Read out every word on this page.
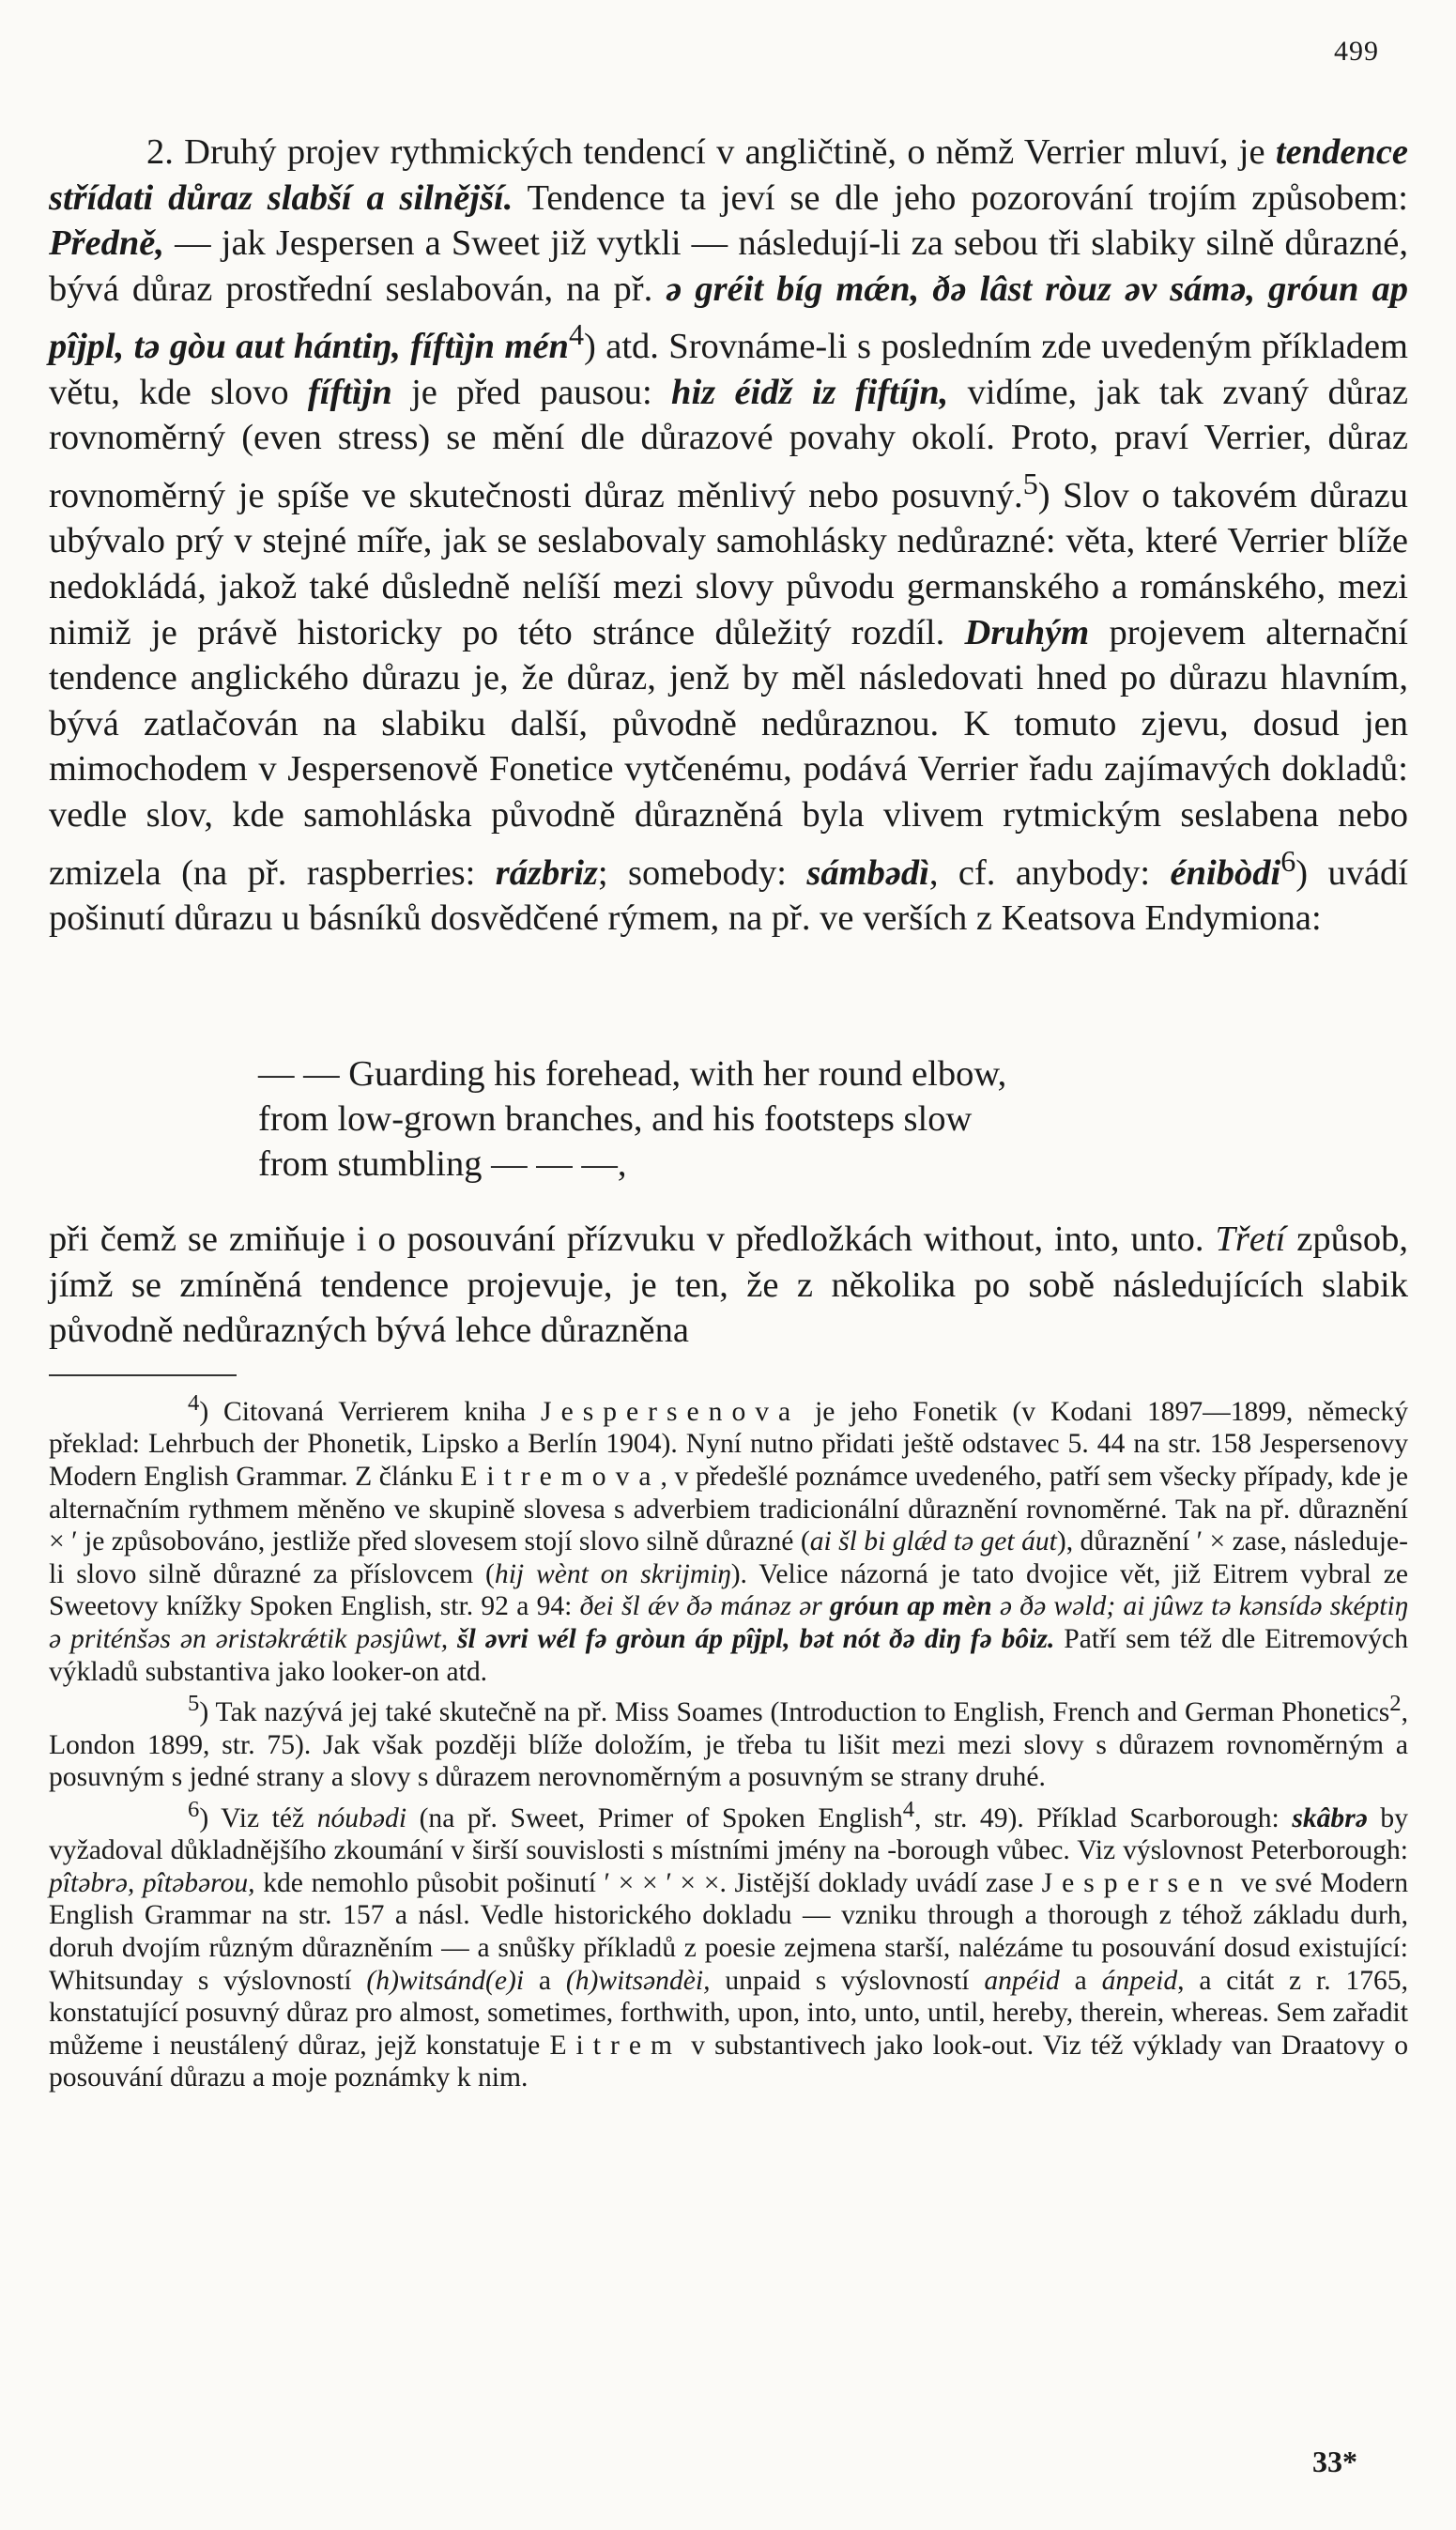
499

2. Druhý projev rythmických tendencí v angličtině, o němž Verrier mluví, je tendence střídati důraz slabší a silnější. Tendence ta jeví se dle jeho pozorování trojím způsobem: Předně, — jak Jespersen a Sweet již vytkli — následují-li za sebou tři slabiky silně důrazné, bývá důraz prostřední seslabován, na př. ə gréit bíg mǽn, ðə lâst ròuz əv sámə, gróun ap pîjpl, tə gòu aut hántiŋ, fíftìjn mén$^4$) atd. Srovnáme-li s posledním zde uvedeným příkladem větu, kde slovo fíftìjn je před pausou: hiz éidž iz fiftíjn, vidíme, jak tak zvaný důraz rovnoměrný (even stress) se mění dle důrazové povahy okolí. Proto, praví Verrier, důraz rovnoměrný je spíše ve skutečnosti důraz měnlivý nebo posuvný.$^5$) Slov o takovém důrazu ubývalo prý v stejné míře, jak se seslabovaly samohlásky nedůrazné: věta, které Verrier blíže nedokládá, jakož také důsledně nelíší mezi slovy původu germanského a románského, mezi nimiž je právě historicky po této stránce důležitý rozdíl. Druhým projevem alternační tendence anglického důrazu je, že důraz, jenž by měl následovati hned po důrazu hlavním, bývá zatlačován na slabiku další, původně nedůraznou. K tomuto zjevu, dosud jen mimochodem v Jespersenově Fonetice vytčenému, podává Verrier řadu zajímavých dokladů: vedle slov, kde samohláska původně důrazněná byla vlivem rytmickým seslabena nebo zmizela (na př. raspberries: rázbriz; somebody: sámbədì, cf. anybody: énibòdi$^6$) uvádí pošinutí důrazu u básníků dosvědčené rýmem, na př. ve verších z Keatsova Endymiona:

— — Guarding his forehead, with her round elbow,
from low-grown branches, and his footsteps slow
from stumbling — — —,
při čemž se zmiňuje i o posouvání přízvuku v předložkách without, into, unto. Třetí způsob, jímž se zmíněná tendence projevuje, je ten, že z několika po sobě následujících slabik původně nedůrazných bývá lehce důrazněna

$^4$) Citovaná Verrierem kniha Jespersenova je jeho Fonetik (v Kodani 1897—1899, německý překlad: Lehrbuch der Phonetik, Lipsko a Berlín 1904). Nyní nutno přidati ještě odstavec 5. 44 na str. 158 Jespersenovy Modern English Grammar. Z článku Eitremova, v předešlé poznámce uvedeného, patří sem všecky případy, kde je alternačním rythmem měněno ve skupině slovesa s adverbiem tradicionální důraznění rovnoměrné. Tak na př. důraznění × ʹ je způsobováno, jestliže před slovesem stojí slovo silně důrazné (ai šl bi glǽd tə get áut), důraznění ʹ × zase, následuje-li slovo silně důrazné za příslovcem (hij wènt on skrijmiŋ). Velice názorná je tato dvojice vět, již Eitrem vybral ze Sweetovy knížky Spoken English, str. 92 a 94: ðei šl ǽv ðə mánəz ər gróun ap mèn ə ðə wəld; ai jûwz tə kənsídə sképtiŋ ə priténšəs ən əristəkrǽtik pəsjûwt, šl əvri wél fə gròun áp pîjpl, bət nót ðə diŋ fə bôiz. Patří sem též dle Eitremových výkladů substantiva jako looker-on atd.

$^5$) Tak nazývá jej také skutečně na př. Miss Soames (Introduction to English, French and German Phonetics$^2$, London 1899, str. 75). Jak však později blíže doložím, je třeba tu lišit mezi mezi slovy s důrazem rovnoměrným a posuvným s jedné strany a slovy s důrazem nerovnoměrným a posuvným se strany druhé.

$^6$) Viz též nóubədi (na př. Sweet, Primer of Spoken English$^4$, str. 49). Příklad Scarborough: skâbrə by vyžadoval důkladnějšího zkoumání v širší souvislosti s místními jmény na -borough vůbec. Viz výslovnost Peterborough: pîtəbrə, pîtəbərou, kde nemohlo působit pošinutí ʹ × × ʹ × ×. Jistější doklady uvádí zase Jespersen ve své Modern English Grammar na str. 157 a násl. Vedle historického dokladu — vzniku through a thorough z téhož základu durh, doruh dvojím různým důrazněním — a snůšky příkladů z poesie zejmena starší, nalézáme tu posouvání dosud existující: Whitsunday s výslovností (h)witsánd(e)i a (h)witsəndèi, unpaid s výslovností anpéid a ánpeid, a citát z r. 1765, konstatující posuvný důraz pro almost, sometimes, forthwith, upon, into, unto, until, hereby, therein, whereas. Sem zařadit můžeme i neustálený důraz, jejž konstatuje Eitrem v substantivech jako look-out. Viz též výklady van Draatovy o posouvání důrazu a moje poznámky k nim.

33*
